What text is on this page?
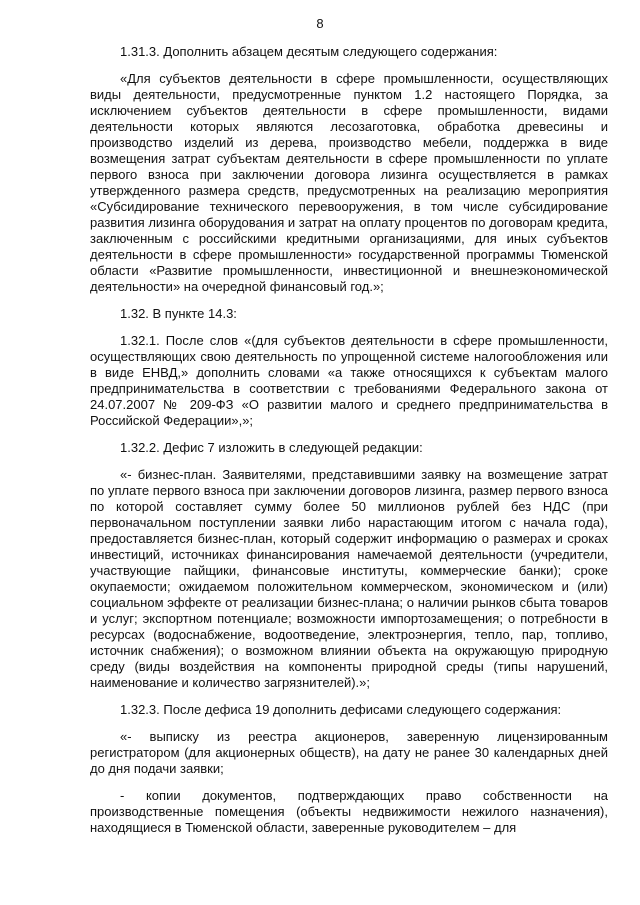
8

1.31.3. Дополнить абзацем десятым следующего содержания:

«Для субъектов деятельности в сфере промышленности, осуществляющих виды деятельности, предусмотренные пунктом 1.2 настоящего Порядка, за исключением субъектов деятельности в сфере промышленности, видами деятельности которых являются лесозаготовка, обработка древесины и производство изделий из дерева, производство мебели, поддержка в виде возмещения затрат субъектам деятельности в сфере промышленности по уплате первого взноса при заключении договора лизинга осуществляется в рамках утвержденного размера средств, предусмотренных на реализацию мероприятия «Субсидирование технического перевооружения, в том числе субсидирование развития лизинга оборудования и затрат на оплату процентов по договорам кредита, заключенным с российскими кредитными организациями, для иных субъектов деятельности в сфере промышленности» государственной программы Тюменской области «Развитие промышленности, инвестиционной и внешнеэкономической деятельности» на очередной финансовый год.»;

1.32. В пункте 14.3:

1.32.1. После слов «(для субъектов деятельности в сфере промышленности, осуществляющих свою деятельность по упрощенной системе налогообложения или в виде ЕНВД,» дополнить словами «а также относящихся к субъектам малого предпринимательства в соответствии с требованиями Федерального закона от 24.07.2007 № 209-ФЗ «О развитии малого и среднего предпринимательства в Российской Федерации»,»;

1.32.2. Дефис 7 изложить в следующей редакции:

«- бизнес-план. Заявителями, представившими заявку на возмещение затрат по уплате первого взноса при заключении договоров лизинга, размер первого взноса по которой составляет сумму более 50 миллионов рублей без НДС (при первоначальном поступлении заявки либо нарастающим итогом с начала года), предоставляется бизнес-план, который содержит информацию о размерах и сроках инвестиций, источниках финансирования намечаемой деятельности (учредители, участвующие пайщики, финансовые институты, коммерческие банки); сроке окупаемости; ожидаемом положительном коммерческом, экономическом и (или) социальном эффекте от реализации бизнес-плана; о наличии рынков сбыта товаров и услуг; экспортном потенциале; возможности импортозамещения; о потребности в ресурсах (водоснабжение, водоотведение, электроэнергия, тепло, пар, топливо, источник снабжения); о возможном влиянии объекта на окружающую природную среду (виды воздействия на компоненты природной среды (типы нарушений, наименование и количество загрязнителей).»;

1.32.3. После дефиса 19 дополнить дефисами следующего содержания:

«- выписку из реестра акционеров, заверенную лицензированным регистратором (для акционерных обществ), на дату не ранее 30 календарных дней до дня подачи заявки;

- копии документов, подтверждающих право собственности на производственные помещения (объекты недвижимости нежилого назначения), находящиеся в Тюменской области, заверенные руководителем – для
